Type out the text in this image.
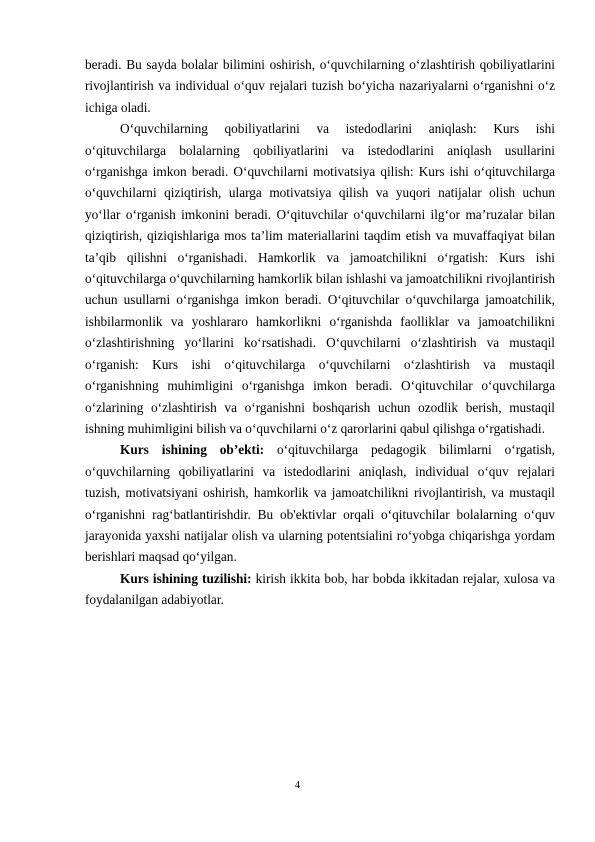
beradi. Bu sayda bolalar bilimini oshirish, o‘quvchilarning o‘zlashtirish qobiliyatlarini rivojlantirish va individual o‘quv rejalari tuzish bo‘yicha nazariyalarni o‘rganishni o‘z ichiga oladi.

O‘quvchilarning qobiliyatlarini va istedodlarini aniqlash: Kurs ishi o‘qituvchilarga bolalarning qobiliyatlarini va istedodlarini aniqlash usullarini o‘rganishga imkon beradi. O‘quvchilarni motivatsiya qilish: Kurs ishi o‘qituvchilarga o‘quvchilarni qiziqtirish, ularga motivatsiya qilish va yuqori natijalar olish uchun yo‘llar o‘rganish imkonini beradi. O‘qituvchilar o‘quvchilarni ilg‘or ma’ruzalar bilan qiziqtirish, qiziqishlariga mos ta’lim materiallarini taqdim etish va muvaffaqiyat bilan ta’qib qilishni o‘rganishadi. Hamkorlik va jamoatchilikni o‘rgatish: Kurs ishi o‘qituvchilarga o‘quvchilarning hamkorlik bilan ishlashi va jamoatchilikni rivojlantirish uchun usullarni o‘rganishga imkon beradi. O‘qituvchilar o‘quvchilarga jamoatchilik, ishbilarmonlik va yoshlararo hamkorlikni o‘rganishda faolliklar va jamoatchilikni o‘zlashtirishning yo‘llarini ko‘rsatishadi. O‘quvchilarni o‘zlashtirish va mustaqil o‘rganish: Kurs ishi o‘qituvchilarga o‘quvchilarni o‘zlashtirish va mustaqil o‘rganishning muhimligini o‘rganishga imkon beradi. O‘qituvchilar o‘quvchilarga o‘zlarining o‘zlashtirish va o‘rganishni boshqarish uchun ozodlik berish, mustaqil ishning muhimligini bilish va o‘quvchilarni o‘z qarorlarini qabul qilishga o‘rgatishadi.

Kurs ishining ob’ekti: o‘qituvchilarga pedagogik bilimlarni o‘rgatish, o‘quvchilarning qobiliyatlarini va istedodlarini aniqlash, individual o‘quv rejalari tuzish, motivatsiyani oshirish, hamkorlik va jamoatchilikni rivojlantirish, va mustaqil o‘rganishni rag‘batlantirishdir. Bu ob'ektivlar orqali o‘qituvchilar bolalarning o‘quv jarayonida yaxshi natijalar olish va ularning potentsialini ro‘yobga chiqarishga yordam berishlari maqsad qo‘yilgan.

Kurs ishining tuzilishi: kirish ikkita bob, har bobda ikkitadan rejalar, xulosa va foydalanilgan adabiyotlar.

4
